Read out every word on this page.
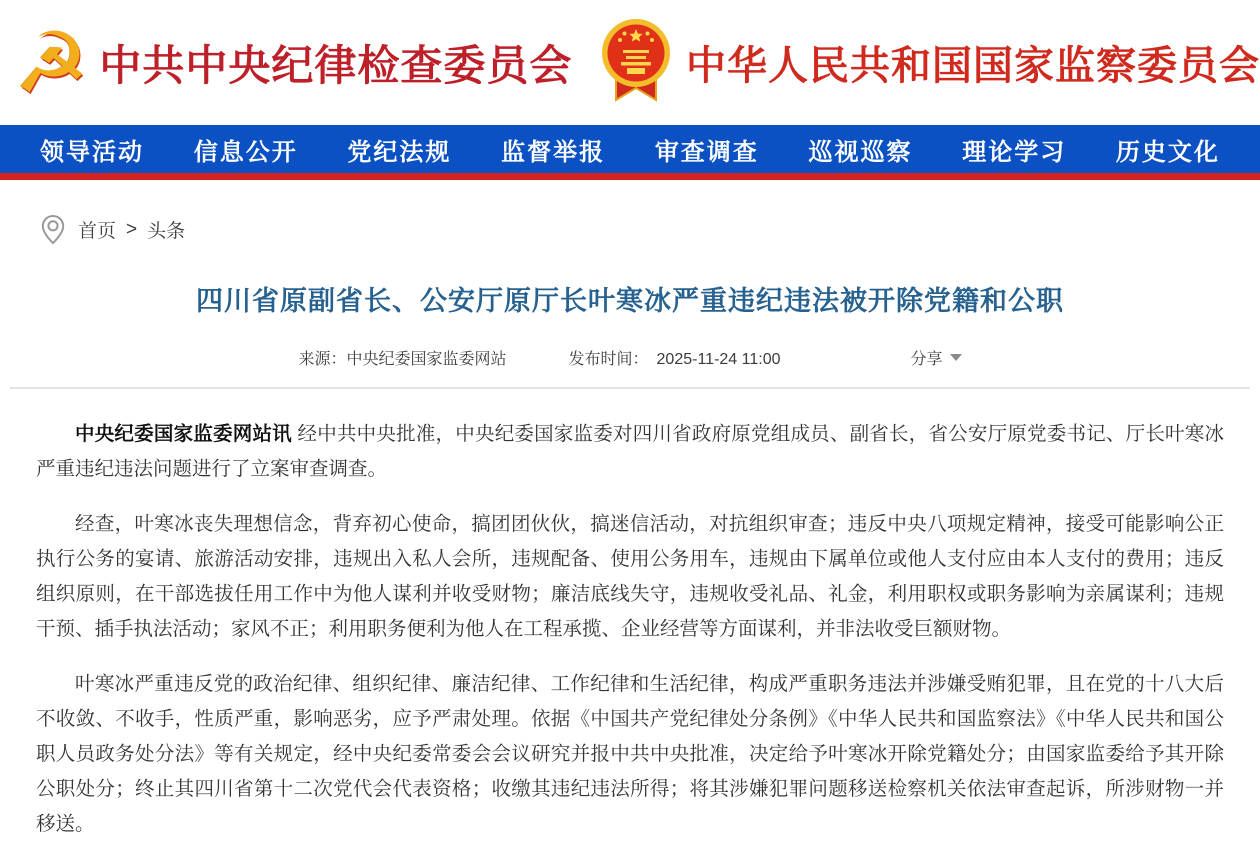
☭ 中共中央纪律检查委员会	中华人民共和国国家监察委员会
领导活动 信息公开 党纪法规 监督举报 审查调查 巡视巡察 理论学习 历史文化
首页 > 头条
四川省原副省长、公安厅原厅长叶寒冰严重违纪违法被开除党籍和公职
来源：中央纪委国家监委网站	发布时间： 2025-11-24 11:00	分享

中央纪委国家监委网站讯 经中共中央批准，中央纪委国家监委对四川省政府原党组成员、副省长，省公安厅原党委书记、厅长叶寒冰严重违纪违法问题进行了立案审查调查。

经查，叶寒冰丧失理想信念，背弃初心使命，搞团团伙伙，搞迷信活动，对抗组织审查；违反中央八项规定精神，接受可能影响公正执行公务的宴请、旅游活动安排，违规出入私人会所，违规配备、使用公务用车，违规由下属单位或他人支付应由本人支付的费用；违反组织原则，在干部选拔任用工作中为他人谋利并收受财物；廉洁底线失守，违规收受礼品、礼金，利用职权或职务影响为亲属谋利；违规干预、插手执法活动；家风不正；利用职务便利为他人在工程承揽、企业经营等方面谋利，并非法收受巨额财物。

叶寒冰严重违反党的政治纪律、组织纪律、廉洁纪律、工作纪律和生活纪律，构成严重职务违法并涉嫌受贿犯罪，且在党的十八大后不收敛、不收手，性质严重，影响恶劣，应予严肃处理。依据《中国共产党纪律处分条例》《中华人民共和国监察法》《中华人民共和国公职人员政务处分法》等有关规定，经中央纪委常委会会议研究并报中共中央批准，决定给予叶寒冰开除党籍处分；由国家监委给予其开除公职处分；终止其四川省第十二次党代会代表资格；收缴其违纪违法所得；将其涉嫌犯罪问题移送检察机关依法审查起诉，所涉财物一并移送。
